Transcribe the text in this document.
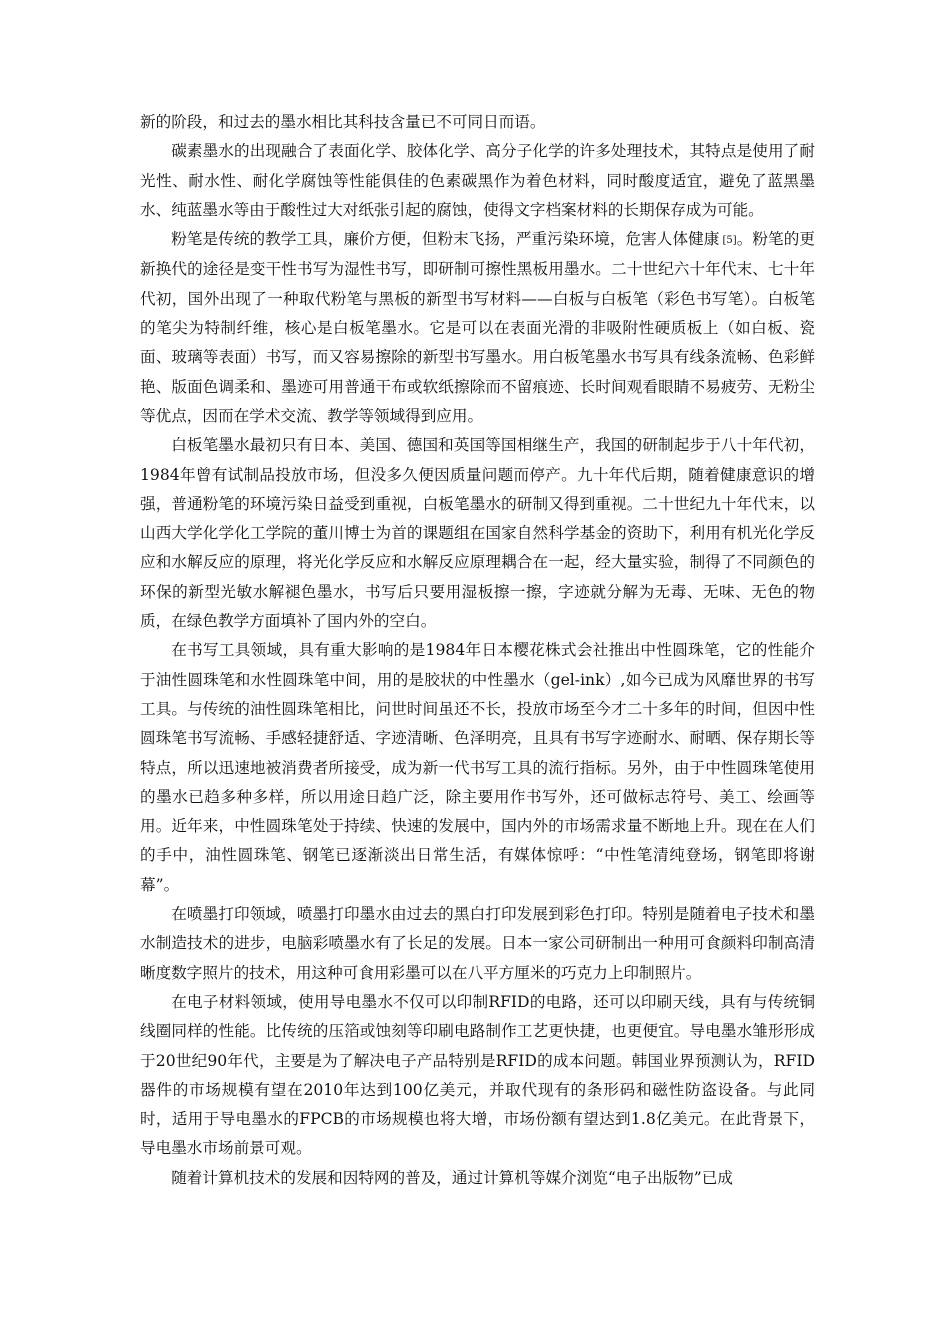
新的阶段，和过去的墨水相比其科技含量已不可同日而语。

碳素墨水的出现融合了表面化学、胶体化学、高分子化学的许多处理技术，其特点是使用了耐光性、耐水性、耐化学腐蚀等性能俱佳的色素碳黑作为着色材料，同时酸度适宜，避免了蓝黑墨水、纯蓝墨水等由于酸性过大对纸张引起的腐蚀，使得文字档案材料的长期保存成为可能。

粉笔是传统的教学工具，廉价方便，但粉末飞扬，严重污染环境，危害人体健康 [5]。粉笔的更新换代的途径是变干性书写为湿性书写，即研制可擦性黑板用墨水。二十世纪六十年代末、七十年代初，国外出现了一种取代粉笔与黑板的新型书写材料——白板与白板笔（彩色书写笔）。白板笔的笔尖为特制纤维，核心是白板笔墨水。它是可以在表面光滑的非吸附性硬质板上（如白板、瓷面、玻璃等表面）书写，而又容易擦除的新型书写墨水。用白板笔墨水书写具有线条流畅、色彩鲜艳、版面色调柔和、墨迹可用普通干布或软纸擦除而不留痕迹、长时间观看眼睛不易疲劳、无粉尘等优点，因而在学术交流、教学等领域得到应用。

白板笔墨水最初只有日本、美国、德国和英国等国相继生产，我国的研制起步于八十年代初，1984年曾有试制品投放市场，但没多久便因质量问题而停产。九十年代后期，随着健康意识的增强，普通粉笔的环境污染日益受到重视，白板笔墨水的研制又得到重视。二十世纪九十年代末，以山西大学化学化工学院的董川博士为首的课题组在国家自然科学基金的资助下，利用有机光化学反应和水解反应的原理，将光化学反应和水解反应原理耦合在一起，经大量实验，制得了不同颜色的环保的新型光敏水解褪色墨水，书写后只要用湿板擦一擦，字迹就分解为无毒、无味、无色的物质，在绿色教学方面填补了国内外的空白。

在书写工具领域，具有重大影响的是1984年日本樱花株式会社推出中性圆珠笔，它的性能介于油性圆珠笔和水性圆珠笔中间，用的是胶状的中性墨水（gel-ink）,如今已成为风靡世界的书写工具。与传统的油性圆珠笔相比，问世时间虽还不长，投放市场至今才二十多年的时间，但因中性圆珠笔书写流畅、手感轻捷舒适、字迹清晰、色泽明亮，且具有书写字迹耐水、耐晒、保存期长等特点，所以迅速地被消费者所接受，成为新一代书写工具的流行指标。另外，由于中性圆珠笔使用的墨水已趋多种多样，所以用途日趋广泛，除主要用作书写外，还可做标志符号、美工、绘画等用。近年来，中性圆珠笔处于持续、快速的发展中，国内外的市场需求量不断地上升。现在在人们的手中，油性圆珠笔、钢笔已逐渐淡出日常生活，有媒体惊呼：“中性笔清纯登场，钢笔即将谢幕”。

在喷墨打印领域，喷墨打印墨水由过去的黑白打印发展到彩色打印。特别是随着电子技术和墨水制造技术的进步，电脑彩喷墨水有了长足的发展。日本一家公司研制出一种用可食颜料印制高清晰度数字照片的技术，用这种可食用彩墨可以在八平方厘米的巧克力上印制照片。

在电子材料领域，使用导电墨水不仅可以印制RFID的电路，还可以印刷天线，具有与传统铜线圈同样的性能。比传统的压箔或蚀刻等印刷电路制作工艺更快捷，也更便宜。导电墨水雏形形成于20世纪90年代，主要是为了解决电子产品特别是RFID的成本问题。韩国业界预测认为，RFID器件的市场规模有望在2010年达到100亿美元，并取代现有的条形码和磁性防盗设备。与此同时，适用于导电墨水的FPCB的市场规模也将大增，市场份额有望达到1.8亿美元。在此背景下，导电墨水市场前景可观。

随着计算机技术的发展和因特网的普及，通过计算机等媒介浏览“电子出版物”已成
